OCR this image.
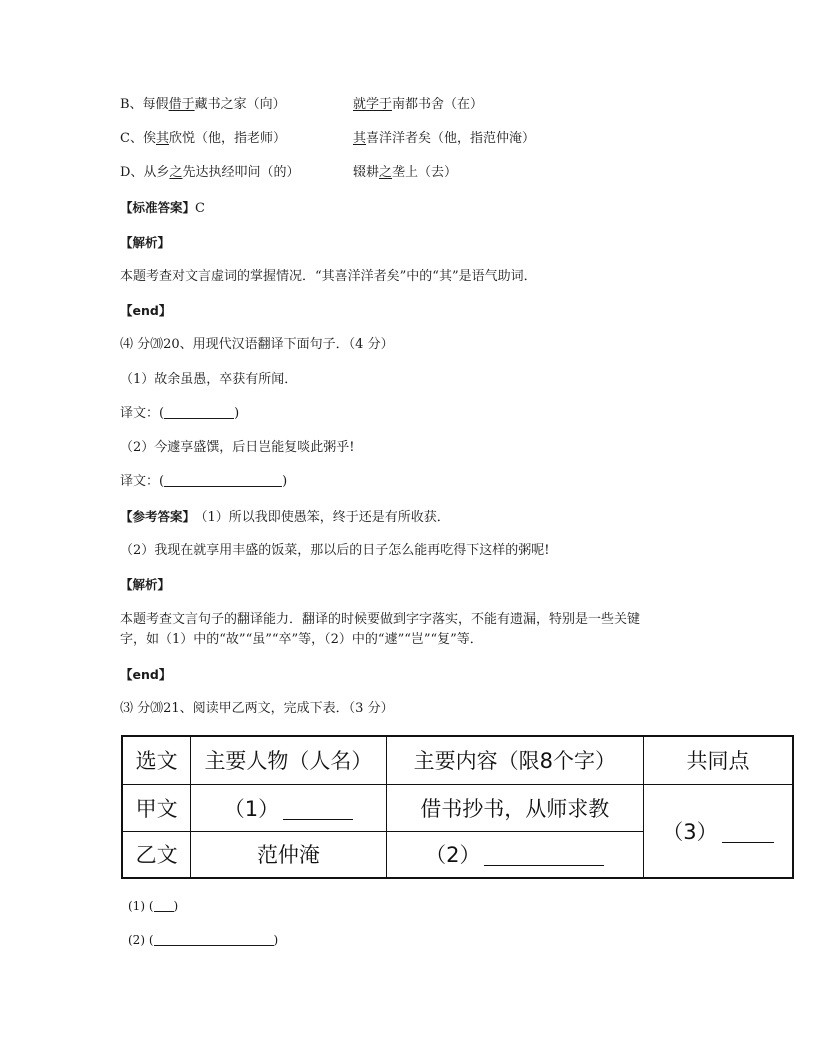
B、每假借于藏书之家（向）	就学于南都书舍（在）
C、俟其欣悦（他，指老师）	其喜洋洋者矣（他，指范仲淹）
D、从乡之先达执经叩问（的）	辍耕之垄上（去）
【标准答案】C
【解析】
本题考查对文言虚词的掌握情况．“其喜洋洋者矣”中的“其”是语气助词．
【end】
⑷ 分⒇20、用现代汉语翻译下面句子．（4 分）
（1）故余虽愚，卒获有所闻．
译文：(	)
（2）今遽享盛馔，后日岂能复啖此粥乎!
译文：(	)
【参考答案】 （1）所以我即使愚笨，终于还是有所收获．
（2）我现在就享用丰盛的饭菜，那以后的日子怎么能再吃得下这样的粥呢!
【解析】
本题考查文言句子的翻译能力．翻译的时候要做到字字落实，不能有遗漏，特别是一些关键
字，如（1）中的“故”“虽”“卒”等，（2）中的“遽”“岂”“复”等．
【end】
⑶ 分⒇21、阅读甲乙两文，完成下表．（3 分）
选文	主要人物（人名）	主要内容（限8个字）	共同点
甲文	（1）	借书抄书，从师求教	（3）
乙文	范仲淹	（2）	
(1) ( )
(2) (	)
